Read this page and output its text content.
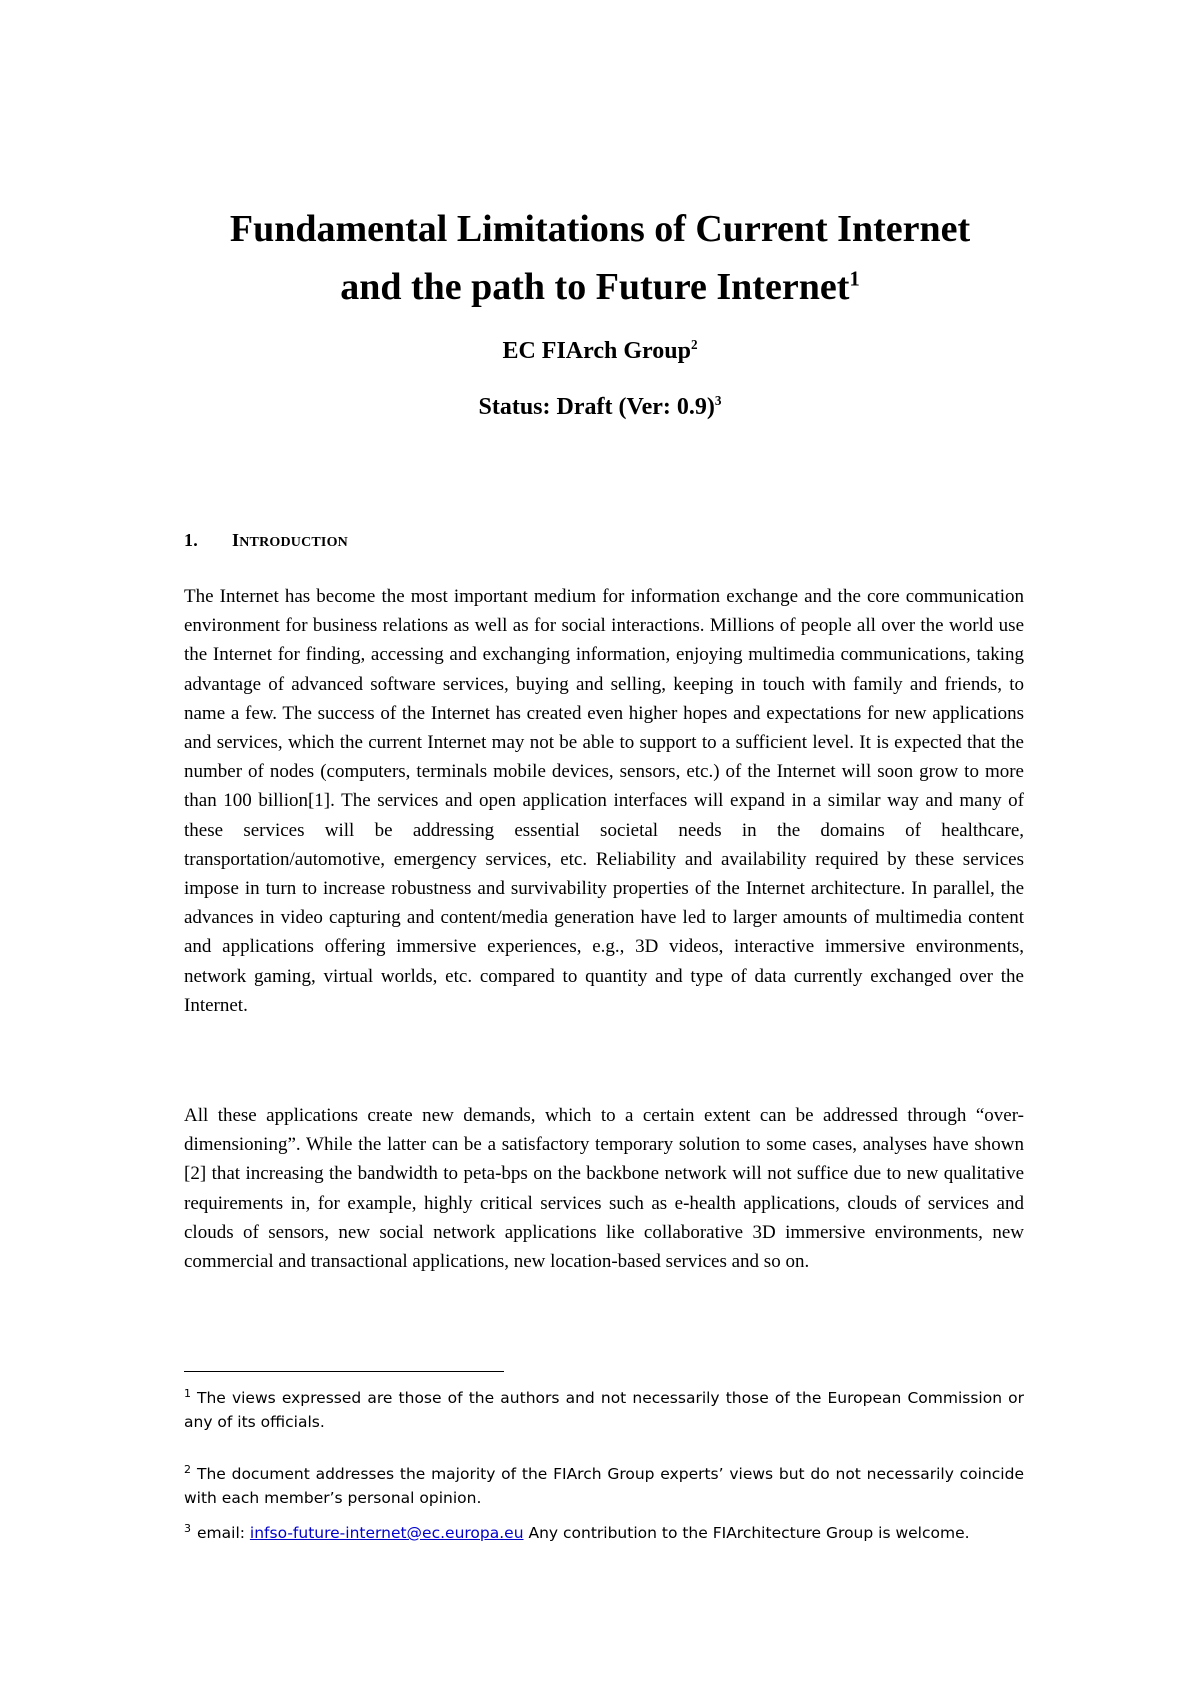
Fundamental Limitations of Current Internet
and the path to Future Internet$^1$
EC FIArch Group$^2$
Status: Draft (Ver: 0.9)$^3$
1. INTRODUCTION

The Internet has become the most important medium for information exchange and the core communication environment for business relations as well as for social interactions. Millions of people all over the world use the Internet for finding, accessing and exchanging information, enjoying multimedia communications, taking advantage of advanced software services, buying and selling, keeping in touch with family and friends, to name a few. The success of the Internet has created even higher hopes and expectations for new applications and services, which the current Internet may not be able to support to a sufficient level. It is expected that the number of nodes (computers, terminals mobile devices, sensors, etc.) of the Internet will soon grow to more than 100 billion[1]. The services and open application interfaces will expand in a similar way and many of these services will be addressing essential societal needs in the domains of healthcare, transportation/automotive, emergency services, etc. Reliability and availability required by these services impose in turn to increase robustness and survivability properties of the Internet architecture. In parallel, the advances in video capturing and content/media generation have led to larger amounts of multimedia content and applications offering immersive experiences, e.g., 3D videos, interactive immersive environments, network gaming, virtual worlds, etc. compared to quantity and type of data currently exchanged over the Internet.

All these applications create new demands, which to a certain extent can be addressed through “over-dimensioning”. While the latter can be a satisfactory temporary solution to some cases, analyses have shown [2] that increasing the bandwidth to peta-bps on the backbone network will not suffice due to new qualitative requirements in, for example, highly critical services such as e-health applications, clouds of services and clouds of sensors, new social network applications like collaborative 3D immersive environments, new commercial and transactional applications, new location-based services and so on.

$^1$ The views expressed are those of the authors and not necessarily those of the European Commission or any of its officials.

$^2$ The document addresses the majority of the FIArch Group experts’ views but do not necessarily coincide with each member’s personal opinion.

$^3$ email: infso-future-internet@ec.europa.eu Any contribution to the FIArchitecture Group is welcome.
